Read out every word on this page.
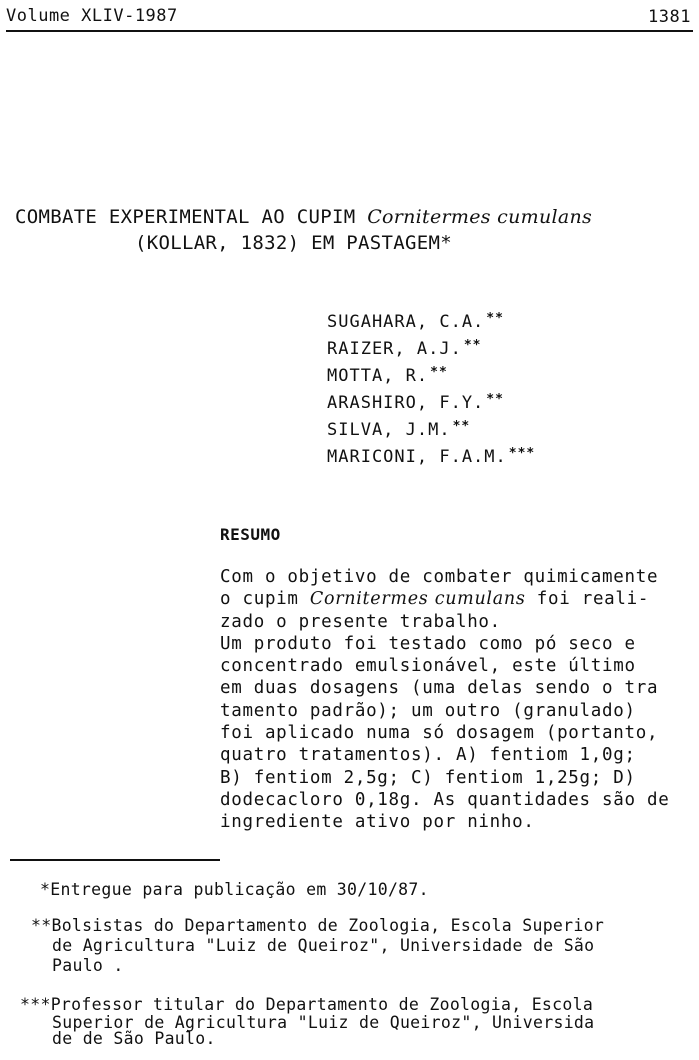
Volume XLIV-1987	1381
COMBATE EXPERIMENTAL AO CUPIM Cornitermes cumulans
(KOLLAR, 1832) EM PASTAGEM*
SUGAHARA, C.A. **
RAIZER, A.J. **
MOTTA, R. **
ARASHIRO, F.Y. **
SILVA, J.M. **
MARICONI, F.A.M. ***
RESUMO
Com o objetivo de combater quimicamente
o cupim Cornitermes cumulans foi reali-
zado o presente trabalho.
Um produto foi testado como pó seco e
concentrado emulsionável, este último
em duas dosagens (uma delas sendo o tra
tamento padrão); um outro (granulado)
foi aplicado numa só dosagem (portanto,
quatro tratamentos). A) fentiom 1,0g;
B) fentiom 2,5g; C) fentiom 1,25g; D)
dodecacloro 0,18g. As quantidades são de
ingrediente ativo por ninho.
*Entregue para publicação em 30/10/87.
**Bolsistas do Departamento de Zoologia, Escola Superior
de Agricultura "Luiz de Queiroz", Universidade de São
Paulo .
***Professor titular do Departamento de Zoologia, Escola
Superior de Agricultura "Luiz de Queiroz", Universida
de de São Paulo.
